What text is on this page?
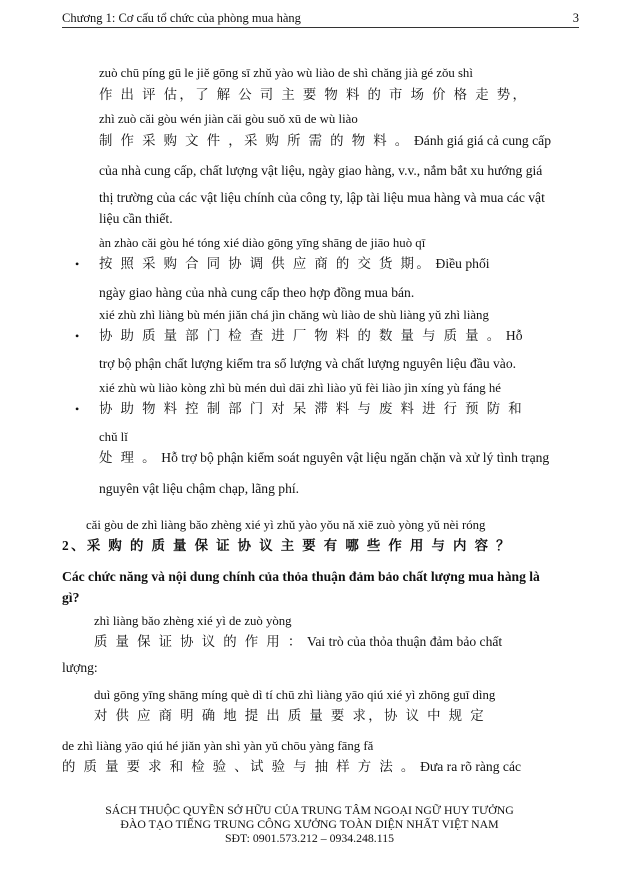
Chương 1: Cơ cấu tổ chức của phòng mua hàng	3
zuò chū píng gū le jiě gōng sī zhǔ yào wù liào de shì chǎng jià gé zǒu shì
作 出 评 估，了 解 公 司 主 要 物 料 的 市 场 价 格 走 势，
zhì zuò cǎi gòu wén jiàn cǎi gòu suǒ xū de wù liào
制 作 采 购 文 件 ，采 购 所 需 的 物 料 。 Đánh giá giá cả cung cấp
của nhà cung cấp, chất lượng vật liệu, ngày giao hàng, v.v., nắm bắt xu hướng giá
thị trường của các vật liệu chính của công ty, lập tài liệu mua hàng và mua các vật
liệu cần thiết.
àn zhào cǎi gòu hé tóng xié diào gōng yīng shāng de jiāo huò qī
• 按 照 采 购 合 同 协 调 供 应 商 的 交 货 期。 Điều phối
ngày giao hàng của nhà cung cấp theo hợp đồng mua bán.
xié zhù zhì liàng bù mén jiǎn chá jìn chǎng wù liào de shù liàng yǔ zhì liàng
• 协 助 质 量 部 门 检 查 进 厂 物 料 的 数 量 与 质 量 。 Hỗ
trợ bộ phận chất lượng kiểm tra số lượng và chất lượng nguyên liệu đầu vào.
xié zhù wù liào kòng zhì bù mén duì dāi zhì liào yǔ fèi liào jìn xíng yù fáng hé
• 协 助 物 料 控 制 部 门 对 呆 滞 料 与 废 料 进 行 预 防 和
chǔ lǐ
处 理 。 Hỗ trợ bộ phận kiểm soát nguyên vật liệu ngăn chặn và xử lý tình trạng
nguyên vật liệu chậm chạp, lãng phí.
cǎi gòu de zhì liàng bǎo zhèng xié yì zhǔ yào yǒu nǎ xiē zuò yòng yǔ nèi róng
2、采 购 的 质 量 保 证 协 议 主 要 有 哪 些 作 用 与 内 容 ？
Các chức năng và nội dung chính của thỏa thuận đảm bảo chất lượng mua hàng là
gì?
zhì liàng bǎo zhèng xié yì de zuò yòng
质 量 保 证 协 议 的 作 用 ： Vai trò của thỏa thuận đảm bảo chất
lượng:
duì gōng yīng shāng míng què dì tí chū zhì liàng yāo qiú xié yì zhōng guī dìng
对 供 应 商 明 确 地 提 出 质 量 要 求，协 议 中 规 定
de zhì liàng yāo qiú hé jiǎn yàn shì yàn yǔ chōu yàng fāng fǎ
的 质 量 要 求 和 检 验 、试 验 与 抽 样 方 法 。 Đưa ra rõ ràng các
SÁCH THUỘC QUYỀN SỞ HỮU CỦA TRUNG TÂM NGOẠI NGỮ HUY TƯỞNG
ĐÀO TẠO TIẾNG TRUNG CÔNG XƯỞNG TOÀN DIỆN NHẤT VIỆT NAM
SĐT: 0901.573.212 – 0934.248.115
